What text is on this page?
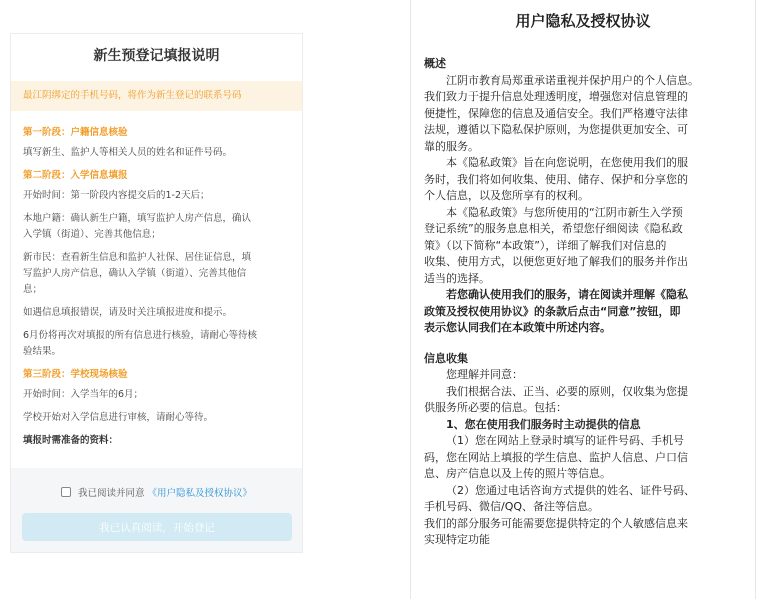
新生预登记填报说明
最江阴绑定的手机号码，将作为新生登记的联系号码
第一阶段：户籍信息核验
填写新生、监护人等相关人员的姓名和证件号码。
第二阶段：入学信息填报
开始时间：第一阶段内容提交后的1-2天后；
本地户籍：确认新生户籍，填写监护人房产信息，确认
入学镇（街道）、完善其他信息；
新市民：查看新生信息和监护人社保、居住证信息，填
写监护人房产信息，确认入学镇（街道）、完善其他信
息；
如遇信息填报错误，请及时关注填报进度和提示。
6月份将再次对填报的所有信息进行核验，请耐心等待核
验结果。
第三阶段：学校现场核验
开始时间：入学当年的6月；
学校开始对入学信息进行审核，请耐心等待。
填报时需准备的资料：
我已阅读并同意 《用户隐私及授权协议》
我已认真阅读，开始登记
用户隐私及授权协议
概述
江阴市教育局郑重承诺重视并保护用户的个人信息。
我们致力于提升信息处理透明度，增强您对信息管理的
便捷性，保障您的信息及通信安全。我们严格遵守法律
法规，遵循以下隐私保护原则，为您提供更加安全、可
靠的服务。
本《隐私政策》旨在向您说明，在您使用我们的服
务时，我们将如何收集、使用、储存、保护和分享您的
个人信息，以及您所享有的权利。
本《隐私政策》与您所使用的“江阴市新生入学预
登记系统”的服务息息相关，希望您仔细阅读《隐私政
策》（以下简称“本政策”），详细了解我们对信息的
收集、使用方式，以便您更好地了解我们的服务并作出
适当的选择。
若您确认使用我们的服务，请在阅读并理解《隐私
政策及授权使用协议》的条款后点击“同意”按钮，即
表示您认同我们在本政策中所述内容。
信息收集
您理解并同意：
我们根据合法、正当、必要的原则，仅收集为您提
供服务所必要的信息。包括：
1、您在使用我们服务时主动提供的信息
（1）您在网站上登录时填写的证件号码、手机号
码，您在网站上填报的学生信息、监护人信息、户口信
息、房产信息以及上传的照片等信息。
（2）您通过电话咨询方式提供的姓名、证件号码、
手机号码、微信/QQ、备注等信息。
我们的部分服务可能需要您提供特定的个人敏感信息来
实现特定功能
